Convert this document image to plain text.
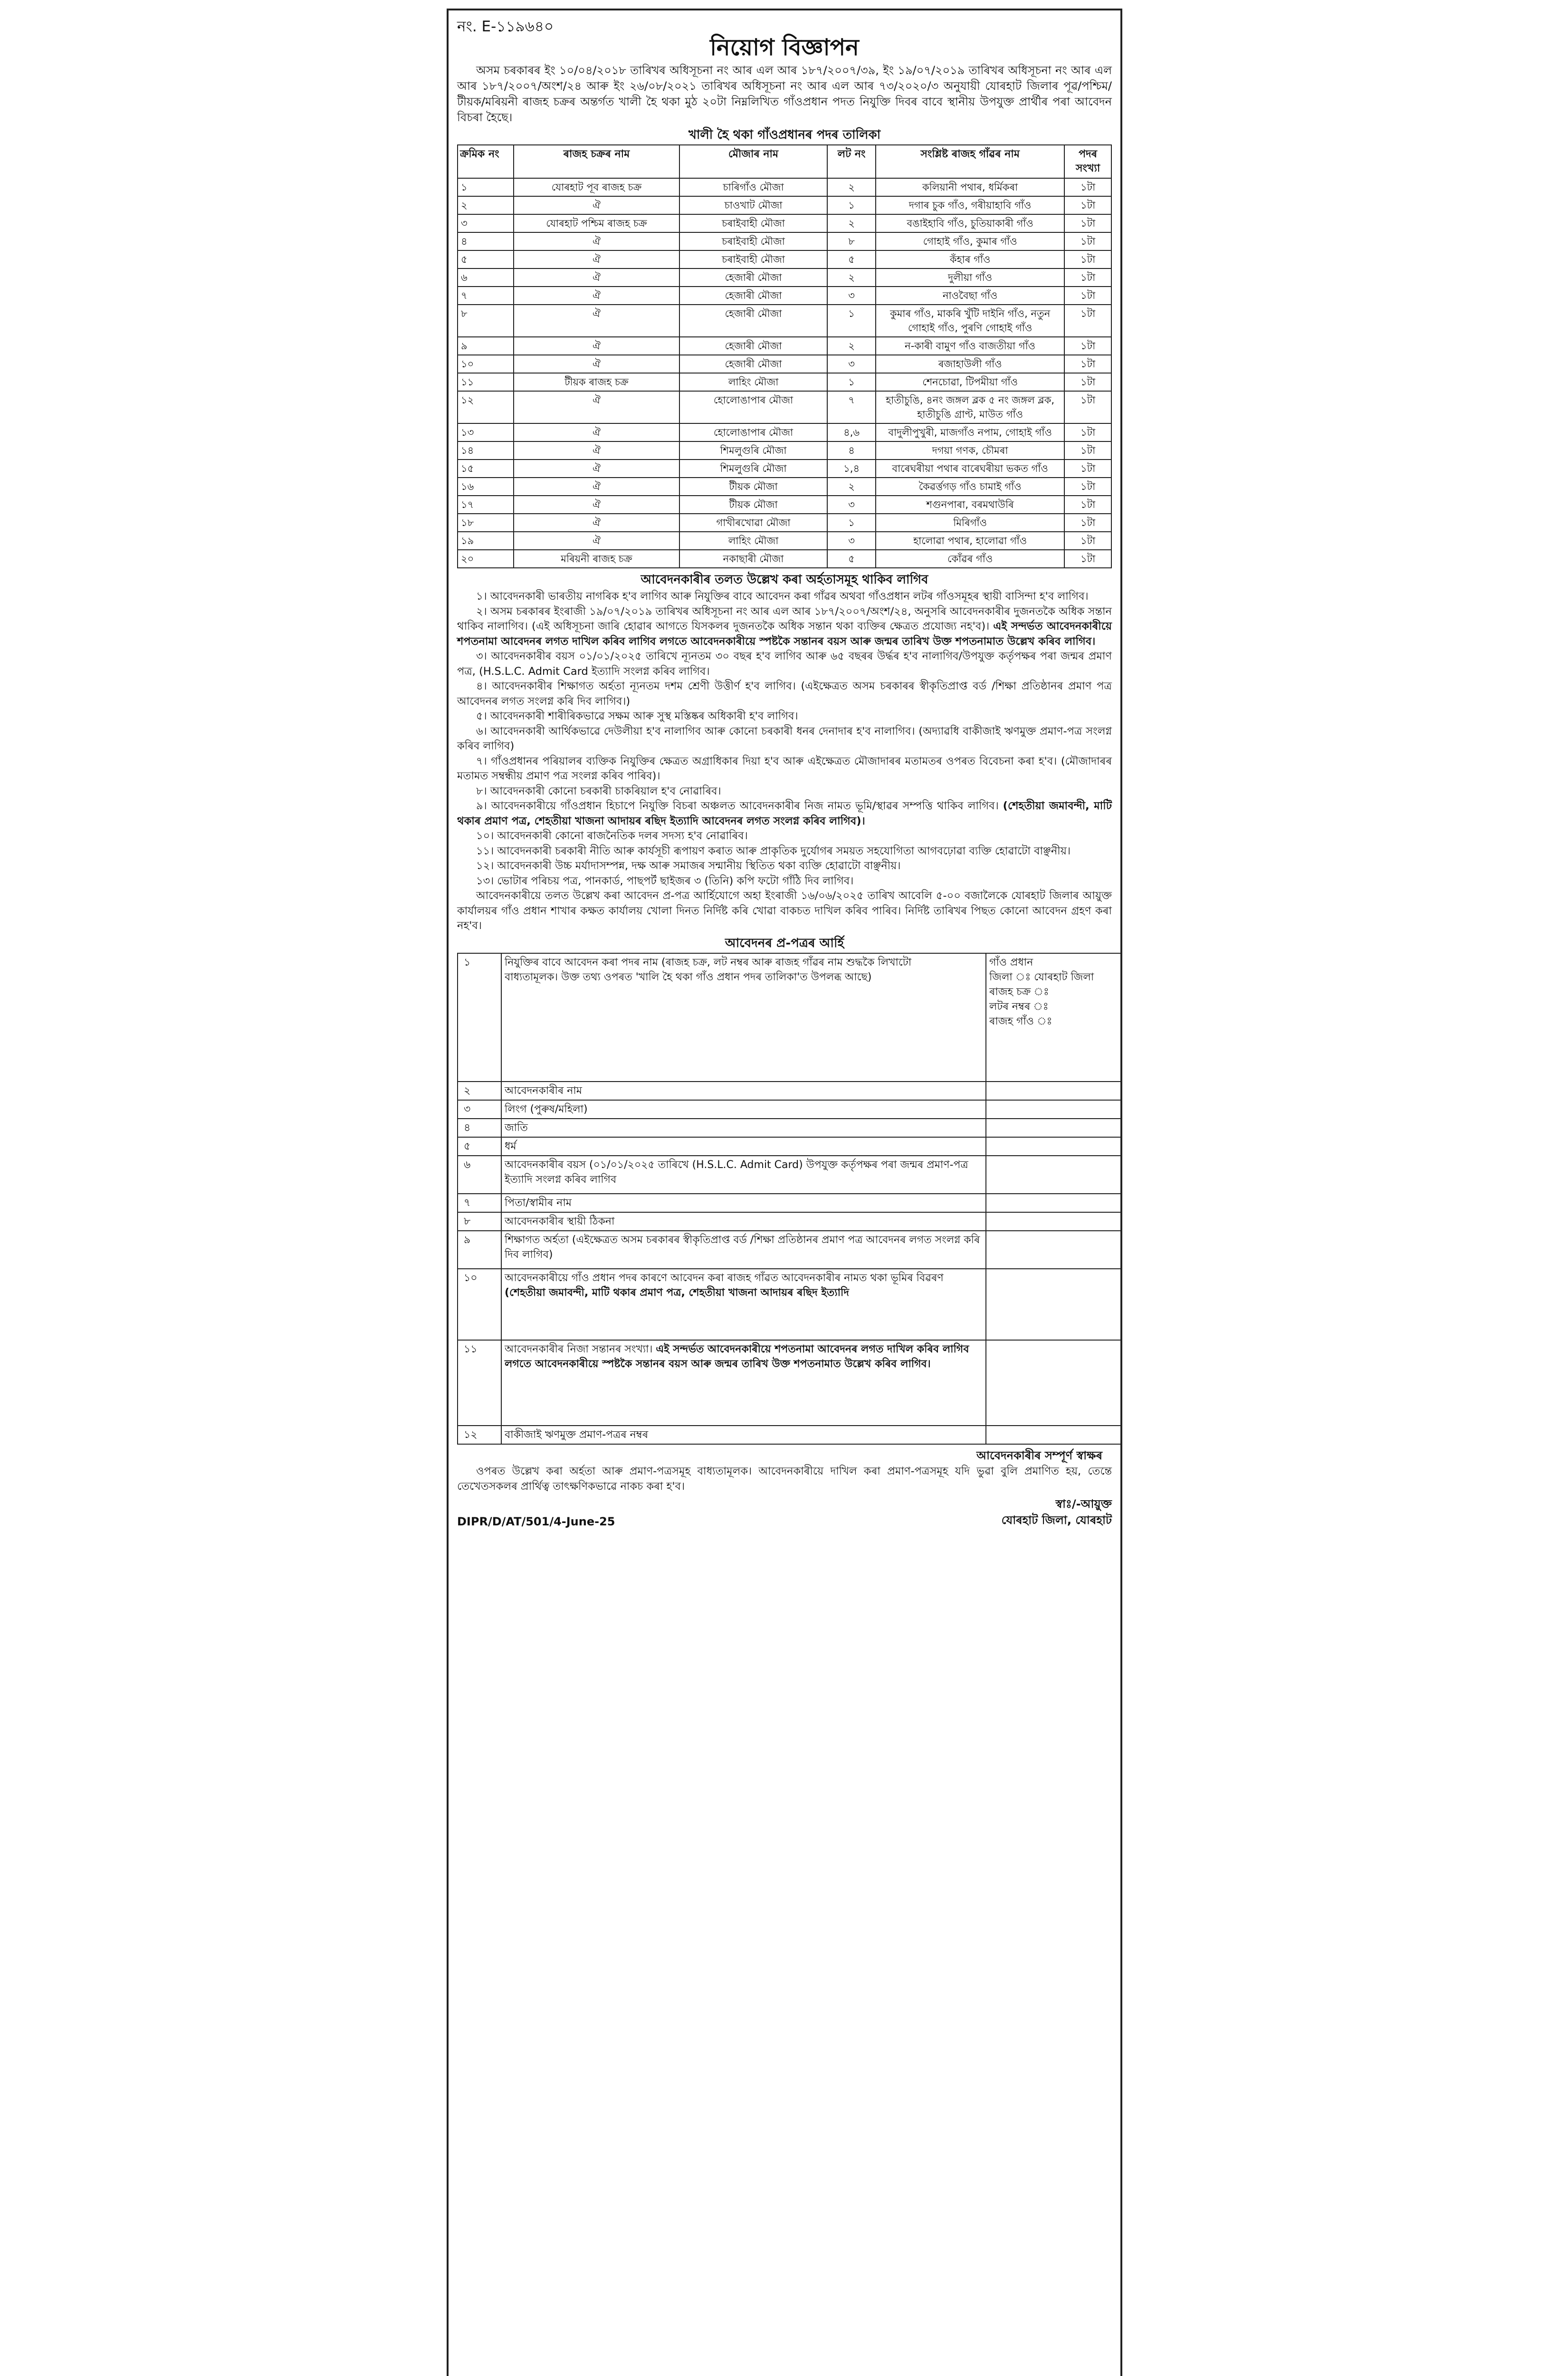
নং. E-১১৯৬৪০
নিয়োগ বিজ্ঞাপন

অসম চৰকাৰৰ ইং ১০/০৪/২০১৮ তাৰিখৰ অধিসূচনা নং আৰ এল আৰ ১৮৭/২০০৭/৩৯, ইং ১৯/০৭/২০১৯ তাৰিখৰ অধিসূচনা নং আৰ এল আৰ ১৮৭/২০০৭/অংশ/২৪ আৰু ইং ২৬/০৮/২০২১ তাৰিখৰ অধিসূচনা নং আৰ এল আৰ ৭৩/২০২০/৩ অনুযায়ী যোৰহাট জিলাৰ পূৱ/পশ্চিম/টীয়ক/মৰিয়নী ৰাজহ চক্ৰৰ অন্তৰ্গত খালী হৈ থকা মুঠ ২০টা নিম্নলিখিত গাঁওপ্ৰধান পদত নিযুক্তি দিবৰ বাবে স্থানীয় উপযুক্ত প্ৰাৰ্থীৰ পৰা আবেদন বিচৰা হৈছে।

খালী হৈ থকা গাঁওপ্ৰধানৰ পদৰ তালিকা
ক্ৰমিক নং	ৰাজহ চক্ৰৰ নাম	মৌজাৰ নাম	লট নং	সংশ্লিষ্ট ৰাজহ গাঁৱৰ নাম	পদৰ সংখ্যা
১	যোৰহাট পূব ৰাজহ চক্ৰ	চাৰিগাঁও মৌজা	২	কলিয়ানী পথাৰ, ধৰ্মিকৰা	১টা
২	ঐ	চাওখাট মৌজা	১	দগাৰ চুক গাঁও, গৰীয়াহাবি গাঁও	১টা
৩	যোৰহাট পশ্চিম ৰাজহ চক্ৰ	চৰাইবাহী মৌজা	২	বঙাইহাবি গাঁও, চুতিয়াকাৰী গাঁও	১টা
৪	ঐ	চৰাইবাহী মৌজা	৮	গোহাই গাঁও, কুমাৰ গাঁও	১টা
৫	ঐ	চৰাইবাহী মৌজা	৫	কঁহাৰ গাঁও	১টা
৬	ঐ	হেজাৰী মৌজা	২	দুলীয়া গাঁও	১টা
৭	ঐ	হেজাৰী মৌজা	৩	নাওবৈছা গাঁও	১টা
৮	ঐ	হেজাৰী মৌজা	১	কুমাৰ গাঁও, মাকৰি খুঁটি দাইনি গাঁও, নতুন গোহাই গাঁও, পুৰণি গোহাই গাঁও	১টা
৯	ঐ	হেজাৰী মৌজা	২	ন-কাৰী বামুণ গাঁও বাজতীয়া গাঁও	১টা
১০	ঐ	হেজাৰী মৌজা	৩	ৰজাহাউলী গাঁও	১টা
১১	টীয়ক ৰাজহ চক্ৰ	লাহিং মৌজা	১	শেনচোৱা, টিপমীয়া গাঁও	১টা
১২	ঐ	হোলোঙাপাৰ মৌজা	৭	হাতীচুঙি, ৪নং জঙ্গল ব্লক ৫ নং জঙ্গল ব্লক, হাতীচুঙি গ্ৰাণ্ট, মাউত গাঁও	১টা
১৩	ঐ	হোলোঙাপাৰ মৌজা	৪,৬	বাদুলীপুখুৰী, মাজগাঁও নপাম, গোহাই গাঁও	১টা
১৪	ঐ	শিমলুগুৰি মৌজা	৪	দগয়া গণক, চৌমৰা	১টা
১৫	ঐ	শিমলুগুৰি মৌজা	১,৪	বাৰেঘৰীয়া পথাৰ বাৰেঘৰীয়া ভকত গাঁও	১টা
১৬	ঐ	টীয়ক মৌজা	২	কৈৱৰ্ত্তগড় গাঁও চামাই গাঁও	১টা
১৭	ঐ	টীয়ক মৌজা	৩	শগুনপাৰা, বৰমথাউৰি	১টা
১৮	ঐ	গাখীৰখোৱা মৌজা	১	মিৰিগাঁও	১টা
১৯	ঐ	লাহিং মৌজা	৩	হালোৱা পথাৰ, হালোৱা গাঁও	১টা
২০	মৰিয়নী ৰাজহ চক্ৰ	নকাছাৰী মৌজা	৫	কোঁৱৰ গাঁও	১টা
আবেদনকাৰীৰ তলত উল্লেখ কৰা অৰ্হতাসমূহ থাকিব লাগিব

১। আবেদনকাৰী ভাৰতীয় নাগৰিক হ'ব লাগিব আৰু নিযুক্তিৰ বাবে আবেদন কৰা গাঁৱৰ অথবা গাঁওপ্ৰধান লটৰ গাঁওসমূহৰ স্থায়ী বাসিন্দা হ'ব লাগিব।

২। অসম চৰকাৰৰ ইংৰাজী ১৯/০৭/২০১৯ তাৰিখৰ অধিসূচনা নং আৰ এল আৰ ১৮৭/২০০৭/অংশ/২৪, অনুসৰি আবেদনকাৰীৰ দুজনতকৈ অধিক সন্তান থাকিব নালাগিব। (এই অধিসূচনা জাৰি হোৱাৰ আগতে যিসকলৰ দুজনতকৈ অধিক সন্তান থকা ব্যক্তিৰ ক্ষেত্ৰত প্ৰযোজ্য নহ'ব)। এই সন্দৰ্ভত আবেদনকাৰীয়ে শপতনামা আবেদনৰ লগত দাখিল কৰিব লাগিব লগতে আবেদনকাৰীয়ে স্পষ্টকৈ সন্তানৰ বয়স আৰু জন্মৰ তাৰিখ উক্ত শপতনামাত উল্লেখ কৰিব লাগিব।

৩। আবেদনকাৰীৰ বয়স ০১/০১/২০২৫ তাৰিখে ন্যূনতম ৩০ বছৰ হ'ব লাগিব আৰু ৬৫ বছৰৰ উৰ্দ্ধৰ হ'ব নালাগিব/উপযুক্ত কৰ্তৃপক্ষৰ পৰা জন্মৰ প্ৰমাণ পত্ৰ, (H.S.L.C. Admit Card ইত্যাদি সংলগ্ন কৰিব লাগিব।

৪। আবেদনকাৰীৰ শিক্ষাগত অৰ্হতা ন্যূনতম দশম শ্ৰেণী উত্তীৰ্ণ হ'ব লাগিব। (এইক্ষেত্ৰত অসম চৰকাৰৰ স্বীকৃতিপ্ৰাপ্ত বৰ্ড /শিক্ষা প্ৰতিষ্ঠানৰ প্ৰমাণ পত্ৰ আবেদনৰ লগত সংলগ্ন কৰি দিব লাগিব।)

৫। আবেদনকাৰী শাৰীৰিকভাৱে সক্ষম আৰু সুস্থ মস্তিষ্কৰ অধিকাৰী হ'ব লাগিব।

৬। আবেদনকাৰী আৰ্থিকভাৱে দেউলীয়া হ'ব নালাগিব আৰু কোনো চৰকাৰী ধনৰ দেনাদাৰ হ'ব নালাগিব। (অদ্যাৱধি বাকীজাই ঋণমুক্ত প্ৰমাণ-পত্ৰ সংলগ্ন কৰিব লাগিব)

৭। গাঁওপ্ৰধানৰ পৰিয়ালৰ ব্যক্তিক নিযুক্তিৰ ক্ষেত্ৰত অগ্ৰাধিকাৰ দিয়া হ'ব আৰু এইক্ষেত্ৰত মৌজাদাৰৰ মতামতৰ ওপৰত বিবেচনা কৰা হ'ব। (মৌজাদাৰৰ মতামত সম্বন্ধীয় প্ৰমাণ পত্ৰ সংলগ্ন কৰিব পাৰিব)।

৮। আবেদনকাৰী কোনো চৰকাৰী চাকৰিয়াল হ'ব নোৱাৰিব।

৯। আবেদনকাৰীয়ে গাঁওপ্ৰধান হিচাপে নিযুক্তি বিচৰা অঞ্চলত আবেদনকাৰীৰ নিজ নামত ভূমি/স্থাৱৰ সম্পত্তি থাকিব লাগিব। (শেহতীয়া জমাবন্দী, মাটি থকাৰ প্ৰমাণ পত্ৰ, শেহতীয়া খাজনা আদায়ৰ ৰছিদ ইত্যাদি আবেদনৰ লগত সংলগ্ন কৰিব লাগিব)।

১০। আবেদনকাৰী কোনো ৰাজনৈতিক দলৰ সদস্য হ'ব নোৱাৰিব।

১১। আবেদনকাৰী চৰকাৰী নীতি আৰু কাৰ্যসূচী ৰূপায়ণ কৰাত আৰু প্ৰাকৃতিক দুৰ্যোগৰ সময়ত সহযোগিতা আগবঢ়োৱা ব্যক্তি হোৱাটো বাঞ্ছনীয়।

১২। আবেদনকাৰী উচ্চ মৰ্যাদাসম্পন্ন, দক্ষ আৰু সমাজৰ সন্মানীয় স্থিতিত থকা ব্যক্তি হোৱাটো বাঞ্ছনীয়।

১৩। ভোটাৰ পৰিচয় পত্ৰ, পানকাৰ্ড, পাছপৰ্ট ছাইজৰ ৩ (তিনি) কপি ফটো গাঁঠি দিব লাগিব।

আবেদনকাৰীয়ে তলত উল্লেখ কৰা আবেদন প্ৰ-পত্ৰ আৰ্হিযোগে অহা ইংৰাজী ১৬/০৬/২০২৫ তাৰিখ আবেলি ৫-০০ বজালৈকে যোৰহাট জিলাৰ আয়ুক্ত কাৰ্যালয়ৰ গাঁও প্ৰধান শাখাৰ কক্ষত কাৰ্যালয় খোলা দিনত নিৰ্দিষ্ট কৰি খোৱা বাকচত দাখিল কৰিব পাৰিব। নিৰ্দিষ্ট তাৰিখৰ পিছত কোনো আবেদন গ্ৰহণ কৰা নহ'ব।

আবেদনৰ প্ৰ-পত্ৰৰ আৰ্হি
১	নিযুক্তিৰ বাবে আবেদন কৰা পদৰ নাম (ৰাজহ চক্ৰ, লট নম্বৰ আৰু ৰাজহ গাঁৱৰ নাম শুদ্ধকৈ লিখাটো বাধ্যতামূলক। উক্ত তথ্য ওপৰত 'খালি হৈ থকা গাঁও প্ৰধান পদৰ তালিকা'ত উপলব্ধ আছে)	গাঁও প্ৰধান
জিলা ঃ যোৰহাট জিলা
ৰাজহ চক্ৰ ঃ
লটৰ নম্বৰ ঃ
ৰাজহ গাঁও ঃ

২	আবেদনকাৰীৰ নাম	
৩	লিংগ (পুৰুষ/মহিলা)	
৪	জাতি	
৫	ধৰ্ম	
৬	আবেদনকাৰীৰ বয়স (০১/০১/২০২৫ তাৰিখে (H.S.L.C. Admit Card) উপযুক্ত কৰ্তৃপক্ষৰ পৰা জন্মৰ প্ৰমাণ-পত্ৰ ইত্যাদি সংলগ্ন কৰিব লাগিব	
৭	পিতা/স্বামীৰ নাম	
৮	আবেদনকাৰীৰ স্থায়ী ঠিকনা	
৯	শিক্ষাগত অৰ্হতা (এইক্ষেত্ৰত অসম চৰকাৰৰ স্বীকৃতিপ্ৰাপ্ত বৰ্ড /শিক্ষা প্ৰতিষ্ঠানৰ প্ৰমাণ পত্ৰ আবেদনৰ লগত সংলগ্ন কৰি দিব লাগিব)	
১০	আবেদনকাৰীয়ে গাঁও প্ৰধান পদৰ কাৰণে আবেদন কৰা ৰাজহ গাঁৱত আবেদনকাৰীৰ নামত থকা ভূমিৰ বিৱৰণ (শেহতীয়া জমাবন্দী, মাটি থকাৰ প্ৰমাণ পত্ৰ, শেহতীয়া খাজনা আদায়ৰ ৰছিদ ইত্যাদি	
১১	আবেদনকাৰীৰ নিজা সন্তানৰ সংখ্যা। এই সন্দৰ্ভত আবেদনকাৰীয়ে শপতনামা আবেদনৰ লগত দাখিল কৰিব লাগিব লগতে আবেদনকাৰীয়ে স্পষ্টকৈ সন্তানৰ বয়স আৰু জন্মৰ তাৰিখ উক্ত শপতনামাত উল্লেখ কৰিব লাগিব।	
১২	বাকীজাই ঋণমুক্ত প্ৰমাণ-পত্ৰৰ নম্বৰ	
আবেদনকাৰীৰ সম্পূৰ্ণ স্বাক্ষৰ

ওপৰত উল্লেখ কৰা অৰ্হতা আৰু প্ৰমাণ-পত্ৰসমূহ বাধ্যতামূলক। আবেদনকাৰীয়ে দাখিল কৰা প্ৰমাণ-পত্ৰসমূহ যদি ভুৱা বুলি প্ৰমাণিত হয়, তেন্তে তেখেতসকলৰ প্ৰাৰ্থিত্ব তাৎক্ষণিকভাৱে নাকচ কৰা হ'ব।

DIPR/D/AT/501/4-June-25
স্বাঃ/-আয়ুক্ত
যোৰহাট জিলা, যোৰহাট
